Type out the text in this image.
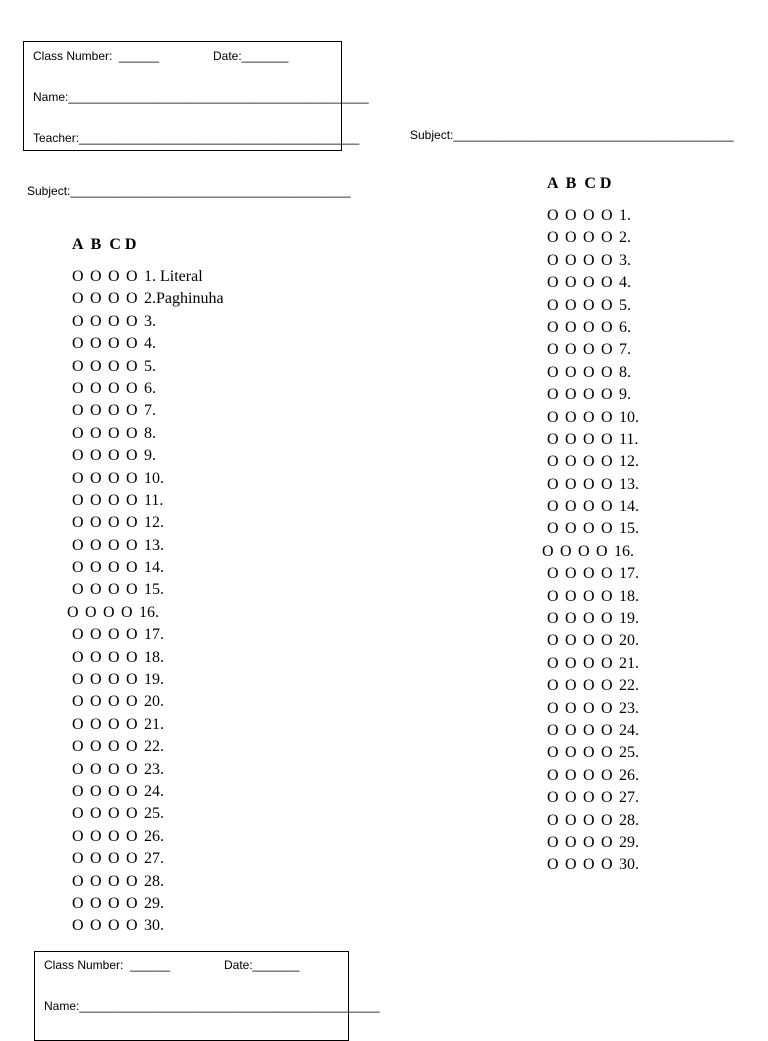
Class Number:  ______	Date:_______
Name:_____________________________________________
Teacher:__________________________________________
Subject:__________________________________________
Subject:__________________________________________
A  B  C D
O O O O 1. Literal
O O O O 2.Paghinuha
O O O O 3.
O O O O 4.
O O O O 5.
O O O O 6.
O O O O 7.
O O O O 8.
O O O O 9.
O O O O 10.
O O O O 11.
O O O O 12.
O O O O 13.
O O O O 14.
O O O O 15.
O O O O 16.
O O O O 17.
O O O O 18.
O O O O 19.
O O O O 20.
O O O O 21.
O O O O 22.
O O O O 23.
O O O O 24.
O O O O 25.
O O O O 26.
O O O O 27.
O O O O 28.
O O O O 29.
O O O O 30.
A  B  C D
O O O O 1.
O O O O 2.
O O O O 3.
O O O O 4.
O O O O 5.
O O O O 6.
O O O O 7.
O O O O 8.
O O O O 9.
O O O O 10.
O O O O 11.
O O O O 12.
O O O O 13.
O O O O 14.
O O O O 15.
O O O O 16.
O O O O 17.
O O O O 18.
O O O O 19.
O O O O 20.
O O O O 21.
O O O O 22.
O O O O 23.
O O O O 24.
O O O O 25.
O O O O 26.
O O O O 27.
O O O O 28.
O O O O 29.
O O O O 30.
Class Number:  ______	Date:_______
Name:_____________________________________________
